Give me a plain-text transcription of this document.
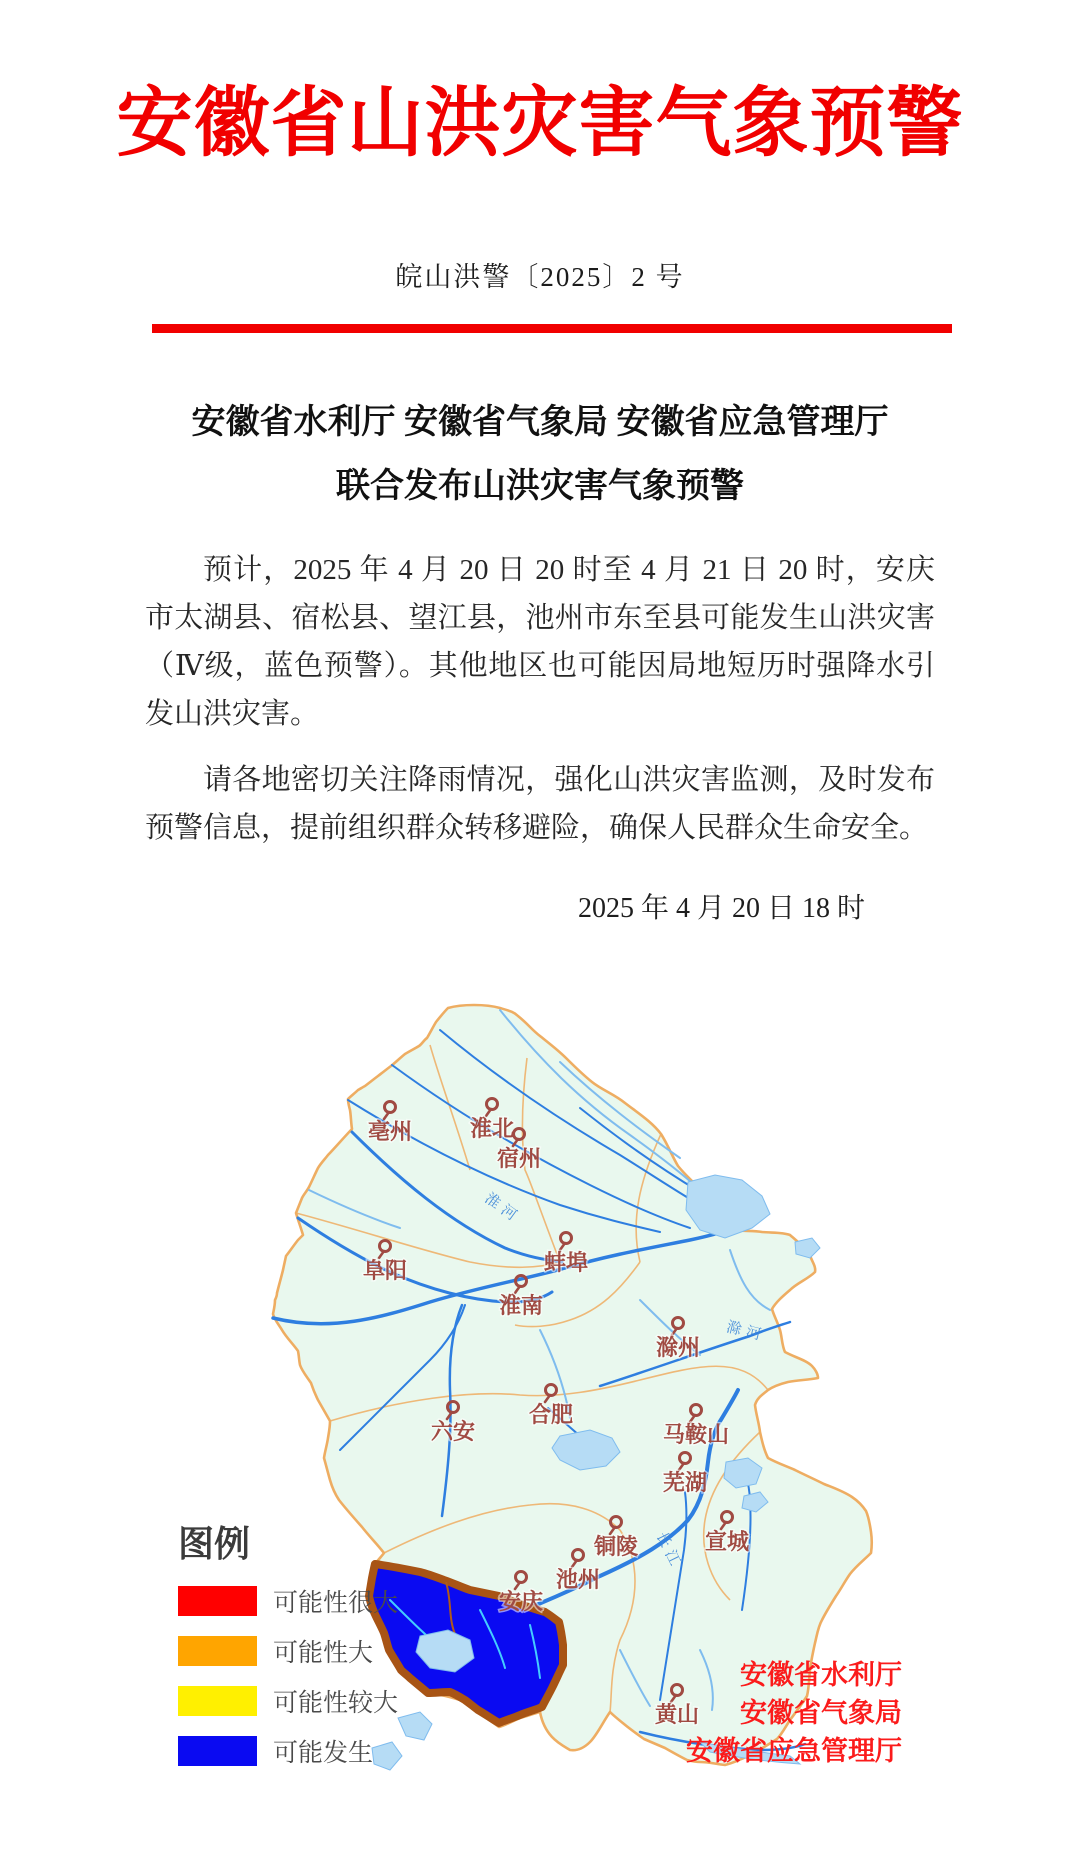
安徽省山洪灾害气象预警
皖山洪警〔2025〕2 号
安徽省水利厅 安徽省气象局 安徽省应急管理厅
联合发布山洪灾害气象预警

预计，2025 年 4 月 20 日 20 时至 4 月 21 日 20 时，安庆市太湖县、宿松县、望江县，池州市东至县可能发生山洪灾害（Ⅳ级，蓝色预警）。其他地区也可能因局地短历时强降水引发山洪灾害。

请各地密切关注降雨情况，强化山洪灾害监测，及时发布预警信息，提前组织群众转移避险，确保人民群众生命安全。

2025 年 4 月 20 日 18 时
淮河
滁河
长江
亳州	淮北
宿州
阜阳	蚌埠
淮南
滁州
六安
合肥
马鞍山
芜湖
铜陵	宣城
池州
安庆
黄山
图例
可能性很大
可能性大
可能性较大
可能发生
安徽省水利厅
安徽省气象局
安徽省应急管理厅
